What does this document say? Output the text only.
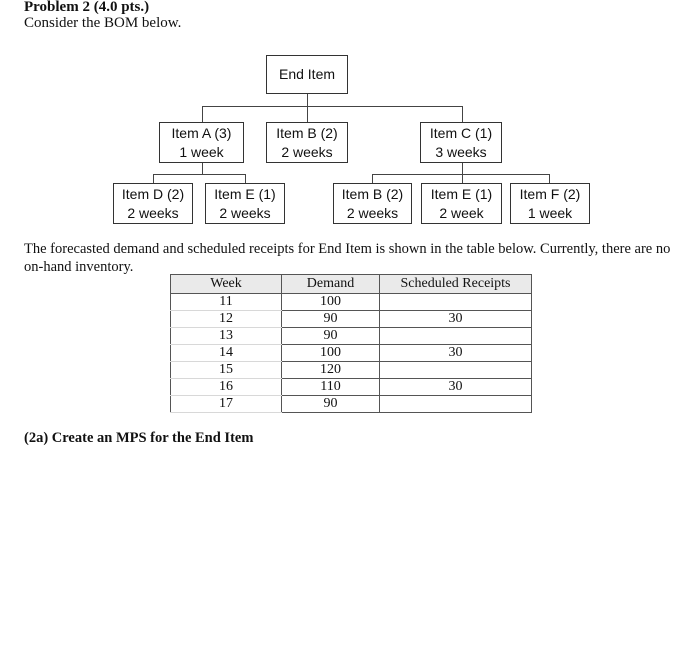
Problem 2 (4.0 pts.)
Consider the BOM below.
End Item
Item A (3)
1 week
Item B (2)
2 weeks
Item C (1)
3 weeks
Item D (2)
2 weeks
Item E (1)
2 weeks
Item B (2)
2 weeks
Item E (1)
2 week
Item F (2)
1 week
The forecasted demand and scheduled receipts for End Item is shown in the table below. Currently, there are no on-hand inventory.
Week	Demand	Scheduled Receipts
11	100	
12	90	30
13	90	
14	100	30
15	120	
16	110	30
17	90	
(2a) Create an MPS for the End Item
